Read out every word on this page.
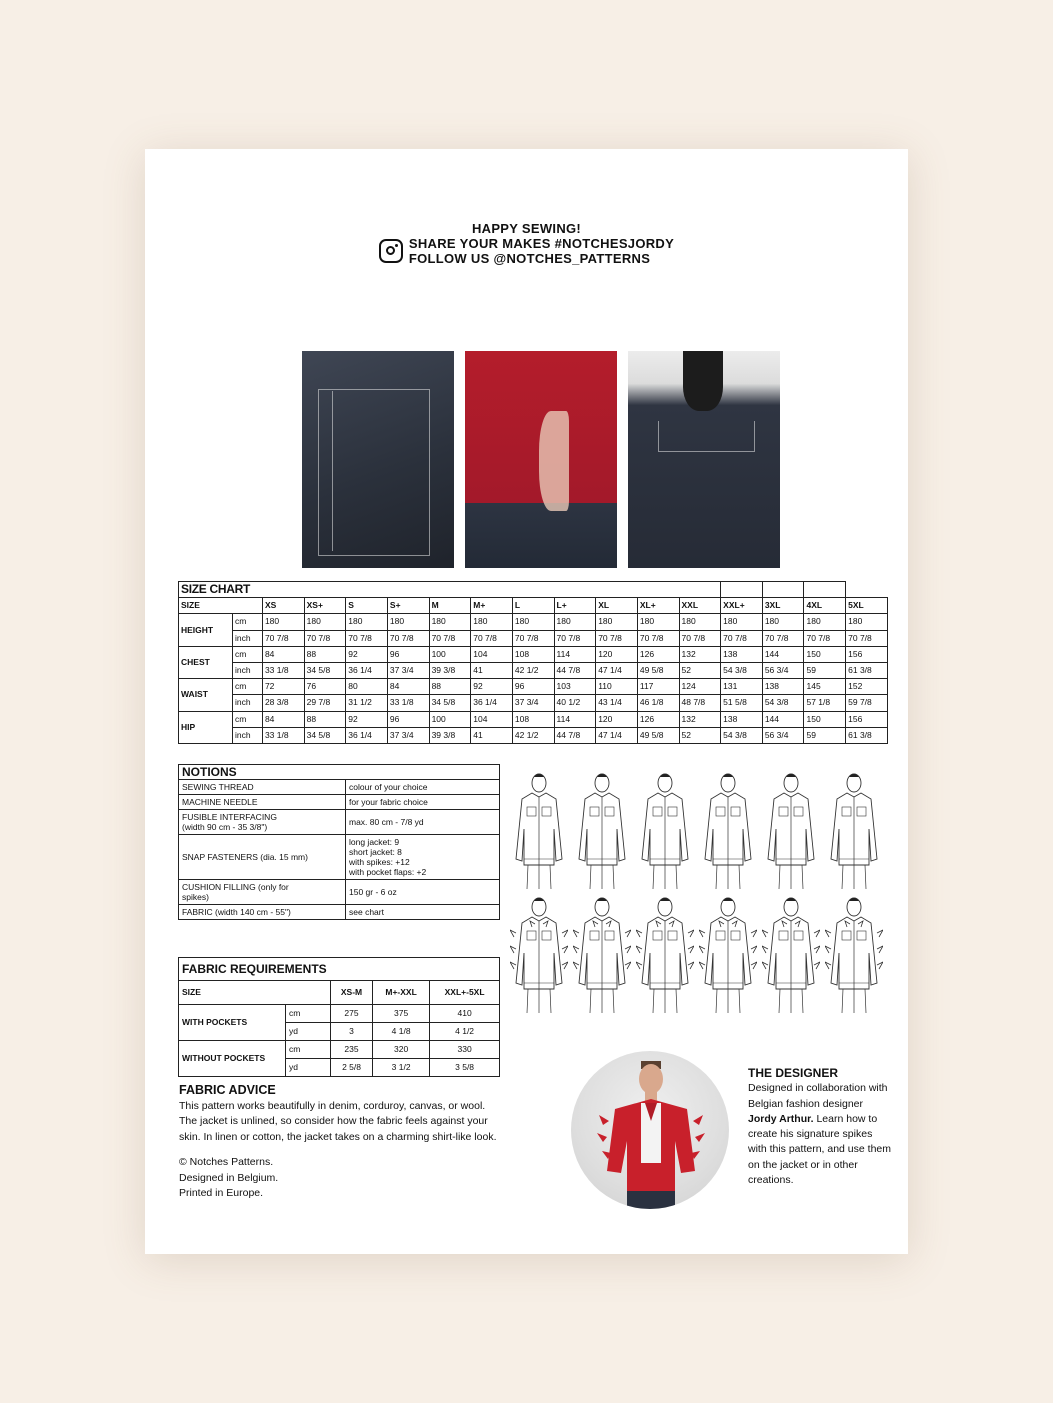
HAPPY SEWING!
SHARE YOUR MAKES #NOTCHESJORDY
FOLLOW US @NOTCHES_PATTERNS
SIZE CHART																
SIZE		XS	XS+	S	S+	M	M+	L	L+	XL	XL+	XXL	XXL+	3XL	4XL	5XL
HEIGHT	cm	180	180	180	180	180	180	180	180	180	180	180	180	180	180	180
	inch	70 7/8	70 7/8	70 7/8	70 7/8	70 7/8	70 7/8	70 7/8	70 7/8	70 7/8	70 7/8	70 7/8	70 7/8	70 7/8	70 7/8	70 7/8
CHEST	cm	84	88	92	96	100	104	108	114	120	126	132	138	144	150	156
	inch	33 1/8	34 5/8	36 1/4	37 3/4	39 3/8	41	42 1/2	44 7/8	47 1/4	49 5/8	52	54 3/8	56 3/4	59	61 3/8
WAIST	cm	72	76	80	84	88	92	96	103	110	117	124	131	138	145	152
	inch	28 3/8	29 7/8	31 1/2	33 1/8	34 5/8	36 1/4	37 3/4	40 1/2	43 1/4	46 1/8	48 7/8	51 5/8	54 3/8	57 1/8	59 7/8
HIP	cm	84	88	92	96	100	104	108	114	120	126	132	138	144	150	156
	inch	33 1/8	34 5/8	36 1/4	37 3/4	39 3/8	41	42 1/2	44 7/8	47 1/4	49 5/8	52	54 3/8	56 3/4	59	61 3/8
NOTIONS	
SEWING THREAD	colour of your choice
MACHINE NEEDLE	for your fabric choice
FUSIBLE INTERFACING
(width 90 cm - 35 3/8")	max. 80 cm - 7/8 yd
SNAP FASTENERS (dia. 15 mm)	long jacket: 9
short jacket: 8
with spikes: +12
with pocket flaps: +2
CUSHION FILLING (only for
spikes)	150 gr - 6 oz
FABRIC (width 140 cm - 55")	see chart
FABRIC REQUIREMENTS				
SIZE		XS-M	M+-XXL	XXL+-5XL
WITH POCKETS	cm	275	375	410
	yd	3	4 1/8	4 1/2
WITHOUT POCKETS	cm	235	320	330
	yd	2 5/8	3 1/2	3 5/8
FABRIC ADVICE

This pattern works beautifully in denim, corduroy, canvas, or wool. The jacket is unlined, so consider how the fabric feels against your skin. In linen or cotton, the jacket takes on a charming shirt-like look.

© Notches Patterns.
Designed in Belgium.
Printed in Europe.
THE DESIGNER
Designed in collaboration with Belgian fashion designer Jordy Arthur. Learn how to create his signature spikes with this pattern, and use them on the jacket or in other creations.
